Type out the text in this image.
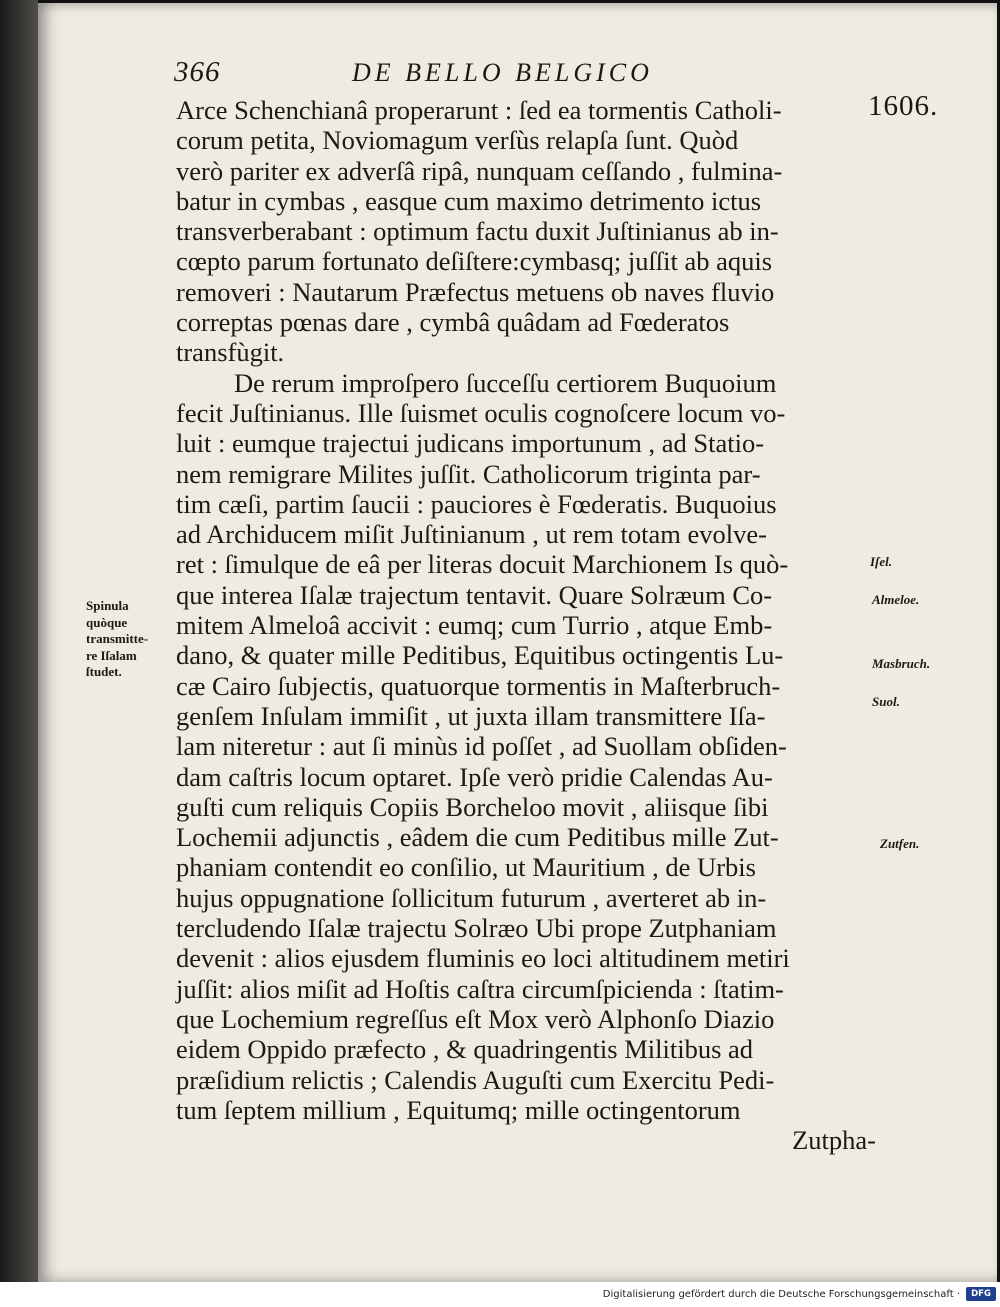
366	DE BELLO BELGICO
1606.
Arce Schenchianâ properarunt : ſed ea tormentis Catholi-
corum petita, Noviomagum verſùs relapſa ſunt. Quòd
verò pariter ex adverſâ ripâ, nunquam ceſſando , fulmina-
batur in cymbas , easque cum maximo detrimento ictus
transverberabant : optimum factu duxit Juſtinianus ab in-
cœpto parum fortunato deſiſtere:cymbasq; juſſit ab aquis
removeri : Nautarum Præfectus metuens ob naves fluvio
correptas pœnas dare , cymbâ quâdam ad Fœderatos
transfùgit.
De rerum improſpero ſucceſſu certiorem Buquoium
fecit Juſtinianus. Ille ſuismet oculis cognoſcere locum vo-
luit : eumque trajectui judicans importunum , ad Statio-
nem remigrare Milites juſſit. Catholicorum triginta par-
tim cæſi, partim ſaucii : pauciores è Fœderatis. Buquoius
ad Archiducem miſit Juſtinianum , ut rem totam evolve-
ret : ſimulque de eâ per literas docuit Marchionem Is quò-
que interea Iſalæ trajectum tentavit. Quare Solræum Co-
mitem Almeloâ accivit : eumq; cum Turrio , atque Emb-
dano, & quater mille Peditibus, Equitibus octingentis Lu-
cæ Cairo ſubjectis, quatuorque tormentis in Maſterbruch-
genſem Inſulam immiſit , ut juxta illam transmittere Iſa-
lam niteretur : aut ſi minùs id poſſet , ad Suollam obſiden-
dam caſtris locum optaret. Ipſe verò pridie Calendas Au-
guſti cum reliquis Copiis Borcheloo movit , aliisque ſibi
Lochemii adjunctis , eâdem die cum Peditibus mille Zut-
phaniam contendit eo conſilio, ut Mauritium , de Urbis
hujus oppugnatione ſollicitum futurum , averteret ab in-
tercludendo Iſalæ trajectu Solræo Ubi prope Zutphaniam
devenit : alios ejusdem fluminis eo loci altitudinem metiri
juſſit: alios miſit ad Hoſtis caſtra circumſpicienda : ſtatim-
que Lochemium regreſſus eſt Mox verò Alphonſo Diazio
eidem Oppido præfecto , & quadringentis Militibus ad
præſidium relictis ; Calendis Auguſti cum Exercitu Pedi-
tum ſeptem millium , Equitumq; mille octingentorum
Zutpha-
Spinula
quòque
transmitte-
re Iſalam
ſtudet.
Iſel.
Almeloe.
Masbruch.
Suol.
Zutfen.
Digitalisierung gefördert durch die Deutsche Forschungsgemeinschaft ·	DFG
